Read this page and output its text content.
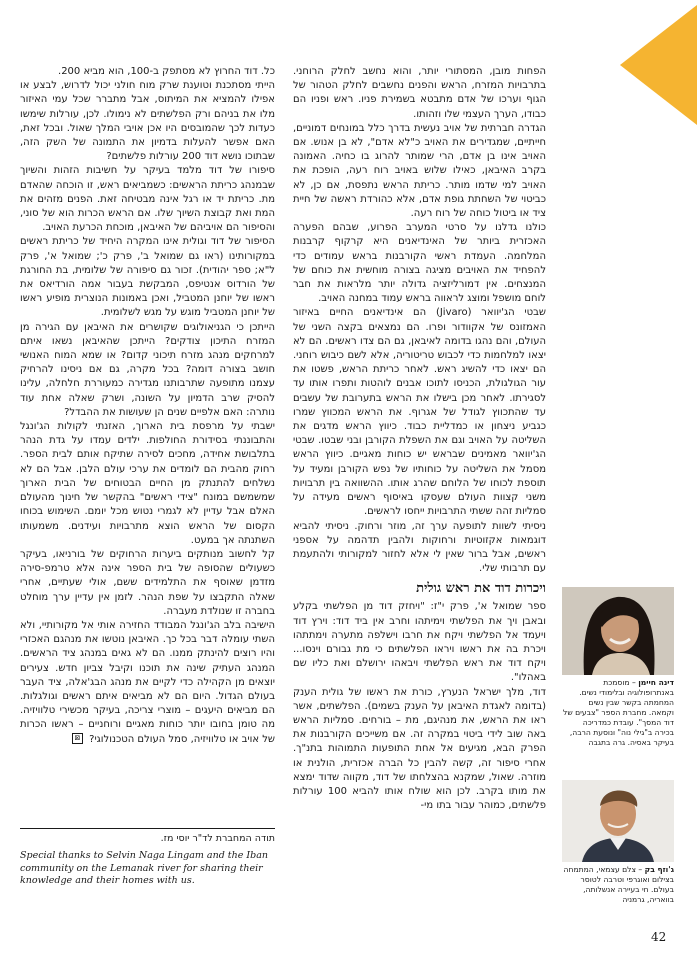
הפחות מובן, המסתורי יותר, והוא נחשב לחלק הרוחני. בתרבויות המזרח, הראש והפנים נחשבים לחלק הטהור של הגוף וערכו של אדם מתבטא בשמירת פניו. ראש ופניו הם כבודו, הערך העצמי שלו וזהותו.

הגדרה חברתית של אויב נעשית בדרך כלל במונחים דמוניים, חייתיים, שמגדירים את האויב כ"לא אדם", לא בן אנוש. אם האויב אינו בן אדם, הרי שמותר להרוג בו כחיה. האמונה בקרב האיבאן, כאילו שלוש באויב רוח רעה, הופכת את האויב למי שדמו מותר. כריתת הראש נתפסת, אם כן, לא כביטוי של השחתת גופת אדם, אלא כהורדת ראשה של חיית ציד או ביטול כוחה של רוח רעה.

כולנו גדלנו על סרטי המערב הפרוע, שבהם הפערה האכזרית ביותר של האינדיאנים היא קרקוף קרבנות המלחמה. העמדת ראשי הקורבנות בראש עמודים כדי להפחיד את האויבים מציגה בצורה מוחשית את כוחם של המנצחים. אין דמורליזציה גדולה יותר מלראות את חבר לוחם מושפל ומוצג לראווה בראש עמוד במחנה האויב.

שבטי הג'יוואר (Jivaro) הם אינדיאנים החיים באיזור האמזונס של אקוודור ופרו. הם נמצאים בקצה השני של העולם, והם נהגו בדומה לאיבאן, גם הם צדו ראשים. הם לא יצאו למלחמות כדי לכבוש טריטוריה, אלא לשם כיבוש רוחני. הם יצאו כדי להשיג ראש. לאחר כריתת הראש, פשטו את עור הגולגולת, הכניסו לתוכו אבנים לוהטות ותפרו אותו עד לסגירתו. לאחר מכן בישלו את הראש בתערובת של עשבים עד שהתכווץ לגודל של אגרוף. את הראש המכווץ שמרו כגביע ניצחון או כמדליית כבוד. כיווץ הראש מדגים את השליטה על האויב וגם את השפלת הקורבן ובני שבטו. שבטי הג'יוואר מאמינים שבראש יש כוחות מאגיים. כיווץ הראש מסמל את השליטה על כוחותיו של נפש הקורבן ומעיד על תוספת לכוחו של הלוחם שהרג אותו. ההשוואה בין תרבויות משני קצוות העולם שעסקו באיסוף ראשים מעידה על סמליות זהה ששתי התרבויות ייחסו לראשים.

ניסיתי לשוות לתופעה ערך זה, מוזר ורחוק. ניסיתי להביא דוגמאות אקזוטיות ורחוקות ולהבין תדהמה על אספני ראשים, אבל ברור שאין לי אלא לחזור למקורותי ולהתעמת עם תרבותי שלי.

ויכרות דוד את ראש גולית

ספר שמואל א', פרק י"ז: "ויחזק דוד מן הפלשתי בקלע ובאבן ויך את הפלשתי וימיתהו וחרב אין ביד דוד: וירץ דוד ויעמד אל הפלשתי ויקח את חרבו וישלפה מתערה וימתתהו ויכרת בה את ראשו ויראו הפלשתים כי מת גבורם וינסו... ויקח דוד את ראש הפלשתי ויבאהו ירושלם ואת כליו שם באהלו".

דוד, מלך ישראל הנערץ, כורת את ראשו של גולית הענק (בדומה לאגדת האיבאן על הענק בשמים). הפלשתים, אשר ראו את הראש, את מנהיגם, מת – בורחים. סמליות הראש באה שוב לידי ביטוי במקרה זה. אם משייכים הקורבנות את הפרק הבא, מגיעים אל אחת התופעות התמוהות בתנ"ך. אחרי סיפור זה, קשה להבין כל הברה אכזרית, הולנית או מוזרה. שאול, שמקנא בהצלחתו של דוד, מקווה שדוד ימצא את מותו בקרב. לכן הוא שולח אותו להביא 100 עורלות פלשתים, כמוהר עבור בתו מי-

כל. דוד החרוץ לא מסתפק ב-100, הוא מביא 200.

הייתי מסתכנת וטוענת שרק מוח חולני יכול לדרוש, לבצע או אפילו להמציא את המיתוס, אבל מתברר שכל עמי האיזור מלו את בניהם ורק הפלשתים לא נימולו. לכן, עורלות שימשו כעדות לכך שהמובסים היו אכן אויבי המלך שאול. ובכל זאת, האם אפשר להעלות בדמיון את התמונה של השק הזה, שבתוכו נושא דוד 200 עורלות פלשתים?

סיפורו של דוד מלמד בעיקר על חשיבות הזהות והשיוך שבמנהג כריתת הראשים: כשמביאים ראש, זו הוכחה שהאדם מת. כריתת יד או רגל אינה מבטיחה זאת. הפנים מזהים את המת ואת קבוצת השיוך שלו. אם הראש הכרות הוא של סוני, והסיפור הם אויביהם של האיבאן, מוכחת הכרעת האויב.

הסיפור של דוד וגולית אינו המקרה היחיד של כריתת ראשים במקורותינו (ראו גם שמואל ב', פרק כ'; שמואל א', פרק ל"א; ספר יהודית). זכור גם סיפורה של שלומית, בת החורגת של הורדוס אנטיפס, המבקשת בעבור אמה הורדיאס את ראשו של יוחנן המטביל, ואכן באמונות הנוצרית מופיע ראשו של יוחנן המטביל מוגש על מגש לשלומית.

הייתכן כי הגניאולוגים שקושרים את האיבאן עם הגירה מן המזרח התיכון צודקים? הייתכן שהאיבאן נשאו איתם למרחקים מנהג מזרח תיכוני קדום? או שמא המוח האנושי חושב בצורה דומה? בכל מקרה, גם אם ניסינו להרחיק עצמנו מתופעה שתרבותנו מגדירה כמעוררת חלחלה, עלינו להסיק שרב הדמיון על השונה, ושרק שאלה אחת עוד נותרה: האם אלפיים שנים הן שעושות את ההבדל?

ישבתי על מרפסת בית הארוך, האזנתי לקולות הג'ונגל והתבוננתי בסידורת החולפות. ילדים עמדו על גדת הנהר בתלבושת אחידה, מחכים לסירה שתיקח אותם לבית הספר. רחוק מהבית הם לומדים את ערכי עולם הלבן. אבל הם לא נשלחים להתנתק מן החיים הבטוחים של הבית הארוך שמשמשם במונח "צידי ראשים" בהקשר של חינוך מהעולם האלם אבל עדיין לא לגמרי נטוש מכל יומם. השימוש בכוחו הקסום של הראש הוצא מתרבויות ועידנים. משמעותו השתנתה אך במעט.

קל לחשוב מנותקים ביערות הרחוקים של בורניאו, בעיקר כשעולים שהסופה של בית הספר אינה אלא טרמפ-סירה מזדמן שאוסף את התלמידים ששם, אולי שעתיים, אחרי שאלה התקבצו על שפת הנהר. לזמן אין עדיין ערך מוחלט בחברה זו שנולדת מעברה.

הישיבה בלב הג'ונגל המבודד החזירה אותי אל מקורותיי, ולא השתי עומלה דבר בכל כך. האיבאן נוטשו את מנהגם האכזרי והיו רוצים להינתק ממנו. הם לא גאים במנהג ציד הראשים. המנהג העתיק שינה את תוכנו וקיבל צביון חדש. צעירים יוצאים מן הקהילה כדי לקיים את מנהג הבג'אלה, ציד העבר בעולם הגדול. היום הם לא מביאים איתם ראשים וגולגלות. הם מביאים היעגים – מוצרי צריכה, בעיקר מכשירי טלוויזיה. מה טומן בחובו יותר כוחות מאגיים ורוחניים – ראשו הכרות של אויב או טלוויזיה, סמל העולם הטכנולוגי? ⊠

תודה המחברת לד"ר יוסי מז.
Special thanks to Selvin Naga Lingam and the Iban community on the Lemanak river for sharing their knowledge and their homes with us.
דינה חיימן – מוסמכת באנתרופולוגיה ובלימודי נשים. המחמתה בקשר שבין נשים וקמאה. מחברת הספר "צבעים של דוד המסך". עובדת כמדריכה בכירה ב"גילי נוה" ונוסעת הרבה, בעיקר באסיה. גרה בתגבה
ג'וזף בק – צלם עצמאי, המתמחה בצילום ואוגרפי וטרבה לטוסר בעולם. חי בעיירה אנשלותה, בוואריה, גרמניה
42
